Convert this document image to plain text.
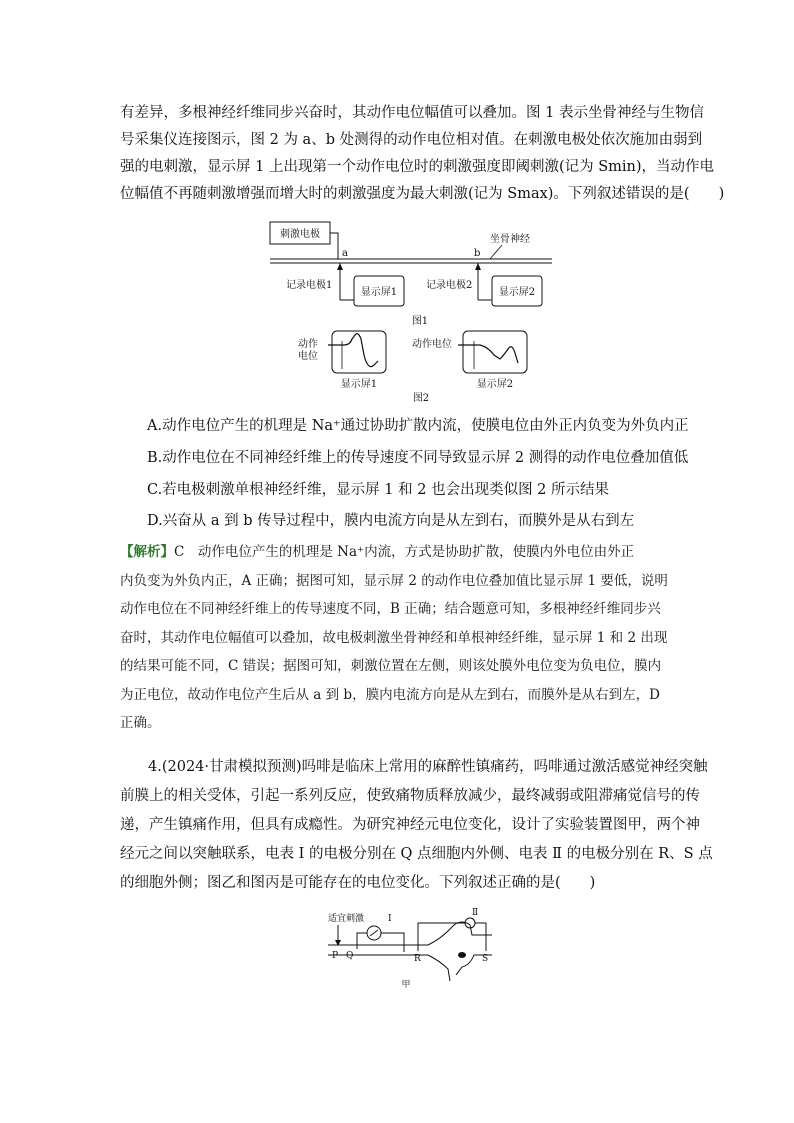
有差异，多根神经纤维同步兴奋时，其动作电位幅值可以叠加。图 1 表示坐骨神经与生物信
号采集仪连接图示，图 2 为 a、b 处测得的动作电位相对值。在刺激电极处依次施加由弱到
强的电刺激，显示屏 1 上出现第一个动作电位时的刺激强度即阈刺激(记为 Smin)，当动作电
位幅值不再随刺激增强而增大时的刺激强度为最大刺激(记为 Smax)。下列叙述错误的是(　　)
刺激电极
a	b
坐骨神经
记录电极1
显示屏1
记录电极2
显示屏2
图1
动作
电位
显示屏1
动作电位
显示屏2
图2
A.动作电位产生的机理是 Na⁺通过协助扩散内流，使膜电位由外正内负变为外负内正
B.动作电位在不同神经纤维上的传导速度不同导致显示屏 2 测得的动作电位叠加值低
C.若电极刺激单根神经纤维，显示屏 1 和 2 也会出现类似图 2 所示结果
D.兴奋从 a 到 b 传导过程中，膜内电流方向是从左到右，而膜外是从右到左
【解析】C　动作电位产生的机理是 Na⁺内流，方式是协助扩散，使膜内外电位由外正
内负变为外负内正，A 正确；据图可知，显示屏 2 的动作电位叠加值比显示屏 1 要低，说明
动作电位在不同神经纤维上的传导速度不同，B 正确；结合题意可知，多根神经纤维同步兴
奋时，其动作电位幅值可以叠加，故电极刺激坐骨神经和单根神经纤维，显示屏 1 和 2 出现
的结果可能不同，C 错误；据图可知，刺激位置在左侧，则该处膜外电位变为负电位，膜内
为正电位，故动作电位产生后从 a 到 b，膜内电流方向是从左到右，而膜外是从右到左，D
正确。
4.(2024·甘肃模拟预测)吗啡是临床上常用的麻醉性镇痛药，吗啡通过激活感觉神经突触
前膜上的相关受体，引起一系列反应，使致痛物质释放减少，最终减弱或阻滞痛觉信号的传
递，产生镇痛作用，但具有成瘾性。为研究神经元电位变化，设计了实验装置图甲，两个神
经元之间以突触联系，电表 Ⅰ 的电极分别在 Q 点细胞内外侧、电表 Ⅱ 的电极分别在 R、S 点
的细胞外侧；图乙和图丙是可能存在的电位变化。下列叙述正确的是(　　)
适宜刺激	Ⅰ
P Q
Ⅱ
R	S
甲
